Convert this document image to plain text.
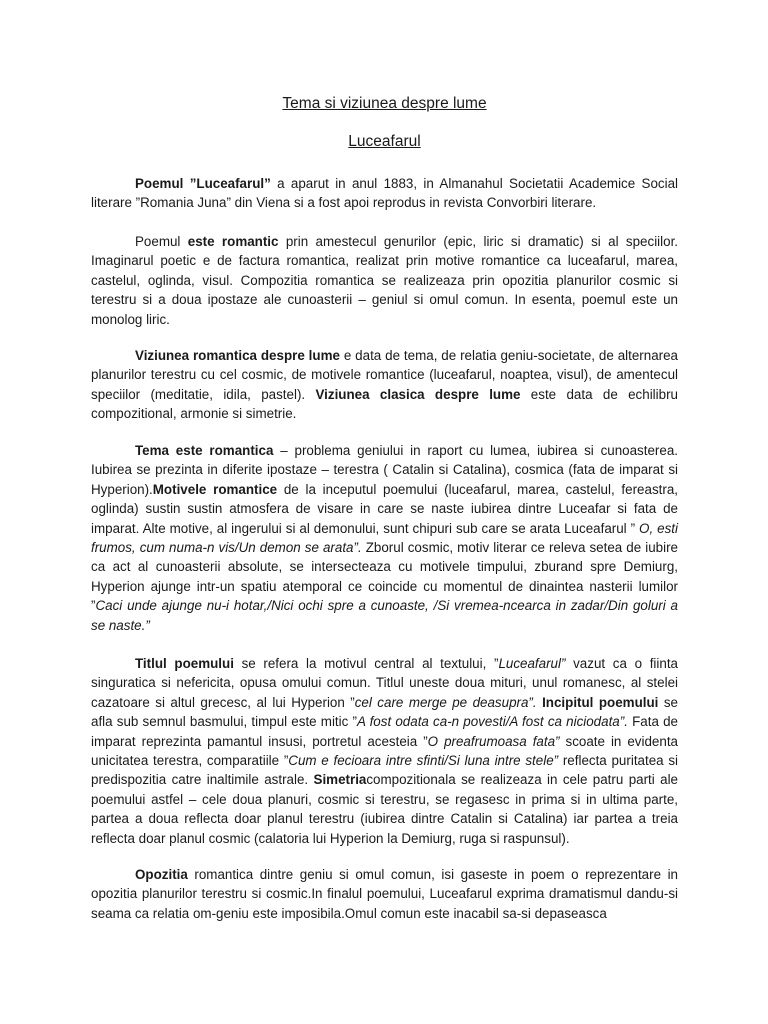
Tema si viziunea despre lume
Luceafarul

Poemul ”Luceafarul” a aparut in anul 1883, in Almanahul Societatii Academice Social literare ”Romania Juna” din Viena si a fost apoi reprodus in revista Convorbiri literare.

Poemul este romantic prin amestecul genurilor (epic, liric si dramatic) si al speciilor. Imaginarul poetic e de factura romantica, realizat prin motive romantice ca luceafarul, marea, castelul, oglinda, visul. Compozitia romantica se realizeaza prin opozitia planurilor cosmic si terestru si a doua ipostaze ale cunoasterii – geniul si omul comun. In esenta, poemul este un monolog liric.

Viziunea romantica despre lume e data de tema, de relatia geniu-societate, de alternarea planurilor terestru cu cel cosmic, de motivele romantice (luceafarul, noaptea, visul), de amentecul speciilor (meditatie, idila, pastel). Viziunea clasica despre lume este data de echilibru compozitional, armonie si simetrie.

Tema este romantica – problema geniului in raport cu lumea, iubirea si cunoasterea. Iubirea se prezinta in diferite ipostaze – terestra ( Catalin si Catalina), cosmica (fata de imparat si Hyperion).Motivele romantice de la inceputul poemului (luceafarul, marea, castelul, fereastra, oglinda) sustin sustin atmosfera de visare in care se naste iubirea dintre Luceafar si fata de imparat. Alte motive, al ingerului si al demonului, sunt chipuri sub care se arata Luceafarul ” O, esti frumos, cum numa-n vis/Un demon se arata”. Zborul cosmic, motiv literar ce releva setea de iubire ca act al cunoasterii absolute, se intersecteaza cu motivele timpului, zburand spre Demiurg, Hyperion ajunge intr-un spatiu atemporal ce coincide cu momentul de dinaintea nasterii lumilor ”Caci unde ajunge nu-i hotar,/Nici ochi spre a cunoaste, /Si vremea-ncearca in zadar/Din goluri a se naste.”

Titlul poemului se refera la motivul central al textului, ”Luceafarul” vazut ca o fiinta singuratica si nefericita, opusa omului comun. Titlul uneste doua mituri, unul romanesc, al stelei cazatoare si altul grecesc, al lui Hyperion ”cel care merge pe deasupra”. Incipitul poemului se afla sub semnul basmului, timpul este mitic ”A fost odata ca-n povesti/A fost ca niciodata”. Fata de imparat reprezinta pamantul insusi, portretul acesteia ”O preafrumoasa fata” scoate in evidenta unicitatea terestra, comparatiile ”Cum e fecioara intre sfinti/Si luna intre stele” reflecta puritatea si predispozitia catre inaltimile astrale. Simetriacompozitionala se realizeaza in cele patru parti ale poemului astfel – cele doua planuri, cosmic si terestru, se regasesc in prima si in ultima parte, partea a doua reflecta doar planul terestru (iubirea dintre Catalin si Catalina) iar partea a treia reflecta doar planul cosmic (calatoria lui Hyperion la Demiurg, ruga si raspunsul).

Opozitia romantica dintre geniu si omul comun, isi gaseste in poem o reprezentare in opozitia planurilor terestru si cosmic.In finalul poemului, Luceafarul exprima dramatismul dandu-si seama ca relatia om-geniu este imposibila.Omul comun este inacabil sa-si depaseasca
